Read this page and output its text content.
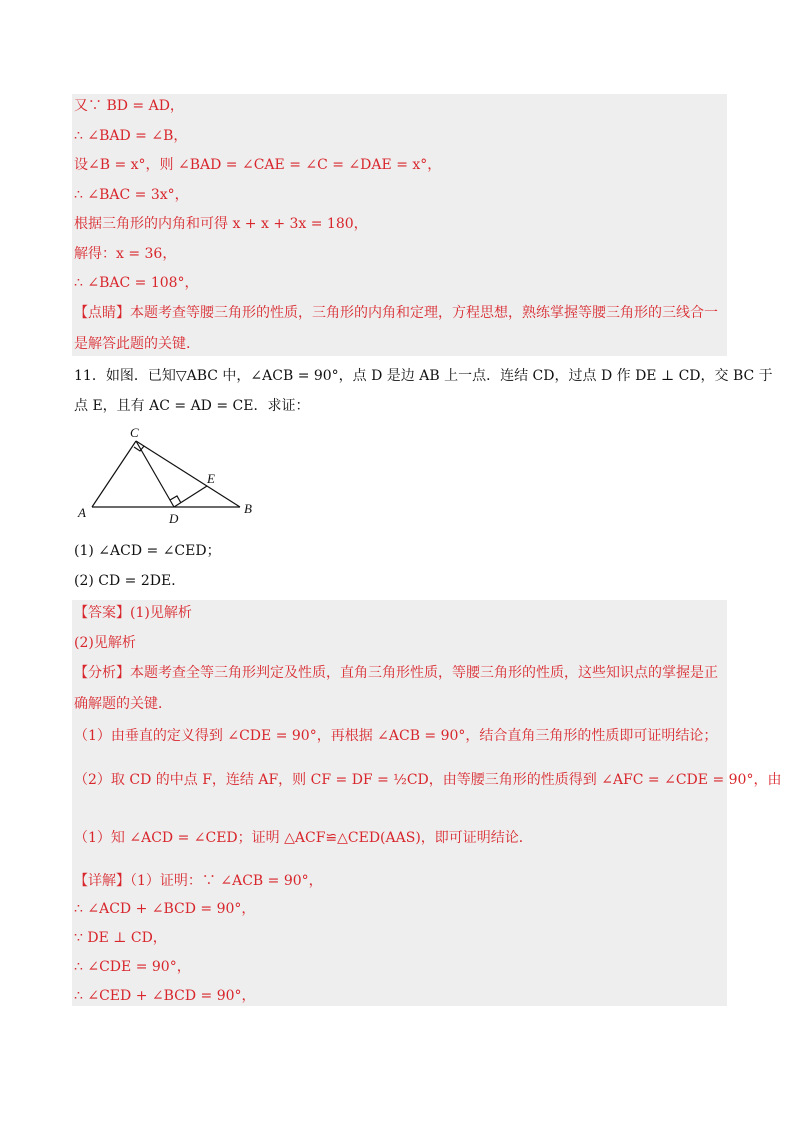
又∵ BD = AD，
∴ ∠BAD = ∠B，
设∠B = x°，则 ∠BAD = ∠CAE = ∠C = ∠DAE = x°，
∴ ∠BAC = 3x°，
根据三角形的内角和可得 x + x + 3x = 180，
解得：x = 36，
∴ ∠BAC = 108°，
【点睛】本题考查等腰三角形的性质，三角形的内角和定理，方程思想，熟练掌握等腰三角形的三线合一
是解答此题的关键.
11．如图．已知▽ABC 中，∠ACB = 90°，点 D 是边 AB 上一点．连结 CD，过点 D 作 DE ⊥ CD，交 BC 于
点 E，且有 AC = AD = CE．求证：
C
A	D
B
E
(1) ∠ACD = ∠CED；
(2) CD = 2DE．
【答案】(1)见解析
(2)见解析
【分析】本题考查全等三角形判定及性质，直角三角形性质，等腰三角形的性质，这些知识点的掌握是正
确解题的关键．
（1）由垂直的定义得到 ∠CDE = 90°，再根据 ∠ACB = 90°，结合直角三角形的性质即可证明结论；
（2）取 CD 的中点 F，连结 AF，则 CF = DF = ½CD，由等腰三角形的性质得到 ∠AFC = ∠CDE = 90°，由
（1）知 ∠ACD = ∠CED；证明 △ACF≌△CED(AAS)，即可证明结论．
【详解】（1）证明：∵ ∠ACB = 90°，
∴ ∠ACD + ∠BCD = 90°，
∵ DE ⊥ CD，
∴ ∠CDE = 90°，
∴ ∠CED + ∠BCD = 90°，
